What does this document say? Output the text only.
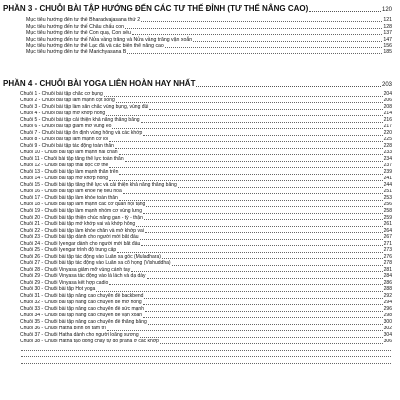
PHẦN 3 - CHUỖI BÀI TẬP HƯỚNG ĐẾN CÁC TƯ THẾ ĐỈNH (TƯ THẾ NÂNG CAO)	120
Mục tiêu hướng đến tư thế Bharadvajasana thứ 2	121
Mục tiêu hướng đến tư thế Châu chấu con	128
Mục tiêu hướng đến tư thế Con quạ, Con sếu	137
Mục tiêu hướng đến tư thế Nửa vầng trăng và Nửa vầng trăng vặn xoắn	147
Mục tiêu hướng đến tư thế Lạc đà và các biến thể nâng cao	156
Mục tiêu hướng đến tư thế Marichyasana B	185
PHẦN 4 - CHUỖI BÀI YOGA LIÊN HOÀN HAY NHẤT	203
Chuỗi 1 - Chuỗi bài tập chắc cơ bụng	204
Chuỗi 2 - Chuỗi bài tập làm mạnh cột sống	206
Chuỗi 3 - Chuỗi bài tập làm săn chắc vùng bụng, vùng đùi	208
Chuỗi 4 - Chuỗi bài tập mở khớp hông	214
Chuỗi 5 - Chuỗi bài tập cải thiện khả năng thăng bằng	216
Chuỗi 6 - Chuỗi bài tập giảm mỡ vùng eo	217
Chuỗi 7 - Chuỗi bài tập ổn định vùng hông và các khớp	220
Chuỗi 8 - Chuỗi bài tập làm mạnh cơ lõi	225
Chuỗi 9 - Chuỗi bài tập tác động toàn thân	228
Chuỗi 10 - Chuỗi bài tập làm mạnh hai chân	233
Chuỗi 11 - Chuỗi bài tập tăng thể lực toàn thân	234
Chuỗi 12 - Chuỗi bài tập thải độc cơ thể	237
Chuỗi 13 - Chuỗi bài tập làm mạnh thân trên	239
Chuỗi 14 - Chuỗi bài tập mở khớp hông	241
Chuỗi 15 - Chuỗi bài tập tăng thể lực và cải thiện khả năng thăng bằng	244
Chuỗi 16 - Chuỗi bài tập làm khỏe hệ tiêu hóa	251
Chuỗi 17 - Chuỗi bài tập làm khỏe toàn thân	253
Chuỗi 18 - Chuỗi bài tập làm mạnh các cơ quan nội tạng	256
Chuỗi 19 - Chuỗi bài tập làm mạnh nhóm cơ vùng lưng	258
Chuỗi 20 - Chuỗi bài tập thiện chúc năng gan - tỳ - thận	259
Chuỗi 21 - Chuỗi bài tập mở khớp vai và khớp hông	261
Chuỗi 22 - Chuỗi bài tập làm khỏe chân và mở khớp vai	264
Chuỗi 23 - Chuỗi bài tập dành cho người mới bắt đầu	267
Chuỗi 24 - Chuỗi Iyengar dành cho người mới bắt đầu	271
Chuỗi 25 - Chuỗi Iyengar trình độ trung cấp	273
Chuỗi 26 - Chuỗi bài tập tác động vào Luân xa gốc (Muladhara)	276
Chuỗi 27 - Chuỗi bài tập tác động vào Luân xa cổ họng (Vishuddha)	278
Chuỗi 28 - Chuỗi Vinyasa giảm mỡ vùng cánh tay	281
Chuỗi 29 - Chuỗi Vinyasa tác động vào lá lách và dạ dày	284
Chuỗi 29 - Chuỗi Vinyasa kết hợp cadio	286
Chuỗi 30 - Chuỗi bài tập Hot yoga	288
Chuỗi 31 - Chuỗi bài tập nâng cao chuyên đề backbend	292
Chuỗi 32 - Chuỗi bài tập nâng cao chuyên đề mở hông	294
Chuỗi 33 - Chuỗi bài tập nâng cao chuyên đề sức mạnh	296
Chuỗi 34 - Chuỗi bài tập nâng cao chuyên đề vặn xoắn	298
Chuỗi 35 - Chuỗi bài tập nâng cao chuyên đề thăng bằng	300
Chuỗi 36 - Chuỗi Hatha bình ổn tâm trí	302
Chuỗi 37 - Chuỗi Hatha dành cho người loãng xương	304
Chuỗi 38 - Chuỗi Hatha tạo dòng chảy tự do prana ở các khớp	306
